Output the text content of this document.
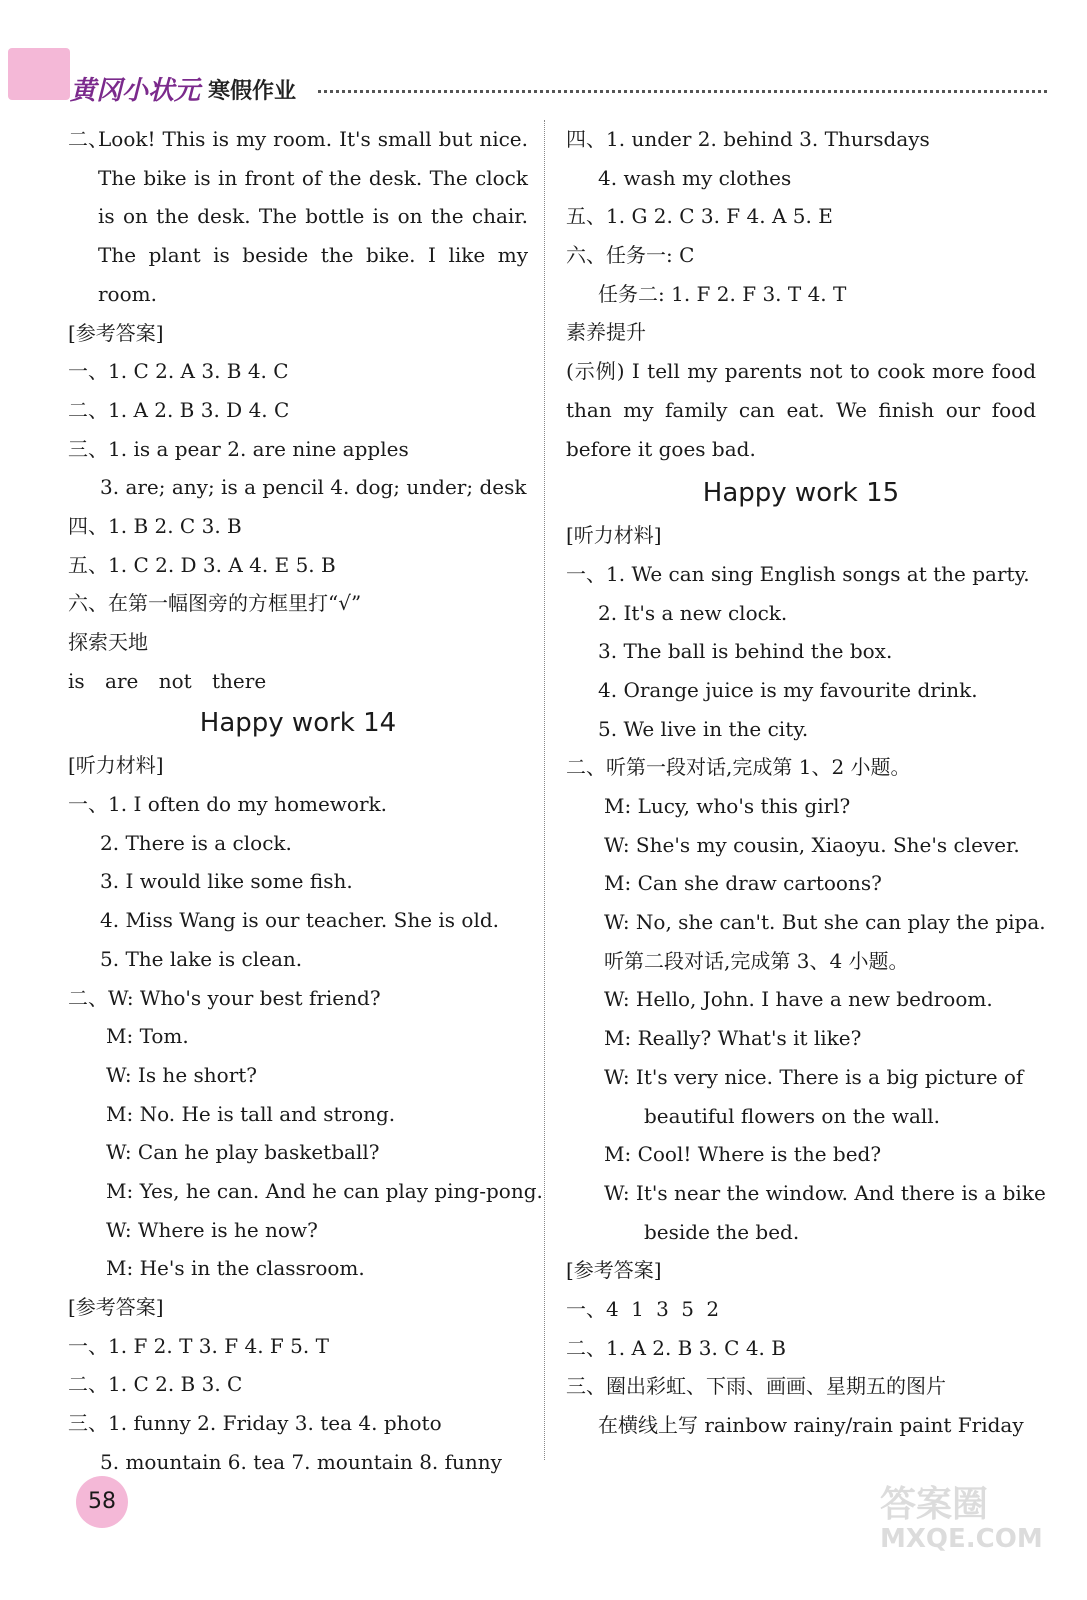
黄冈小状元 寒假作业
二、
Look! This is my room. It's small but nice. The bike is in front of the desk. The clock is on the desk. The bottle is on the chair. The plant is beside the bike. I like my room.
[参考答案]
一、1. C 2. A 3. B 4. C
二、1. A 2. B 3. D 4. C
三、1. is a pear 2. are nine apples
3. are; any; is a pencil 4. dog; under; desk
四、1. B 2. C 3. B
五、1. C 2. D 3. A 4. E 5. B
六、在第一幅图旁的方框里打“√”
探索天地
is are not there
Happy work 14
[听力材料]
一、1. I often do my homework.
2. There is a clock.
3. I would like some fish.
4. Miss Wang is our teacher. She is old.
5. The lake is clean.
二、W: Who's your best friend?
M: Tom.
W: Is he short?
M: No. He is tall and strong.
W: Can he play basketball?
M: Yes, he can. And he can play ping-pong.
W: Where is he now?
M: He's in the classroom.
[参考答案]
一、1. F 2. T 3. F 4. F 5. T
二、1. C 2. B 3. C
三、1. funny 2. Friday 3. tea 4. photo
5. mountain 6. tea 7. mountain 8. funny
四、1. under 2. behind 3. Thursdays
4. wash my clothes
五、1. G 2. C 3. F 4. A 5. E
六、任务一: C
任务二: 1. F 2. F 3. T 4. T
素养提升
(示例) I tell my parents not to cook more food than my family can eat. We finish our food before it goes bad.
Happy work 15
[听力材料]
一、1. We can sing English songs at the party.
2. It's a new clock.
3. The ball is behind the box.
4. Orange juice is my favourite drink.
5. We live in the city.
二、听第一段对话,完成第 1、2 小题。
M: Lucy, who's this girl?
W: She's my cousin, Xiaoyu. She's clever.
M: Can she draw cartoons?
W: No, she can't. But she can play the pipa.
听第二段对话,完成第 3、4 小题。
W: Hello, John. I have a new bedroom.
M: Really? What's it like?
W: It's very nice. There is a big picture of
beautiful flowers on the wall.
M: Cool! Where is the bed?
W: It's near the window. And there is a bike
beside the bed.
[参考答案]
一、4 1 3 5 2
二、1. A 2. B 3. C 4. B
三、圈出彩虹、下雨、画画、星期五的图片
在横线上写 rainbow rainy/rain paint Friday
58	答案圈
MXQE.COM
